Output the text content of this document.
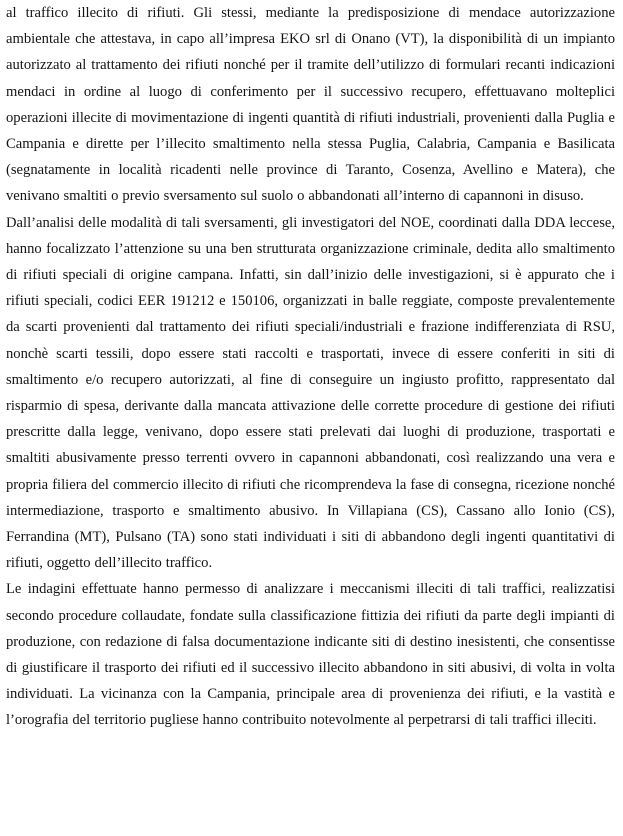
al traffico illecito di rifiuti. Gli stessi, mediante la predisposizione di mendace autorizzazione ambientale che attestava, in capo all’impresa EKO srl di Onano (VT), la disponibilità di un impianto autorizzato al trattamento dei rifiuti nonché per il tramite dell’utilizzo di formulari recanti indicazioni mendaci in ordine al luogo di conferimento per il successivo recupero, effettuavano molteplici operazioni illecite di movimentazione di ingenti quantità di rifiuti industriali, provenienti dalla Puglia e Campania e dirette per l’illecito smaltimento nella stessa Puglia, Calabria, Campania e Basilicata (segnatamente in località ricadenti nelle province di Taranto, Cosenza, Avellino e Matera), che venivano smaltiti o previo sversamento sul suolo o abbandonati all’interno di capannoni in disuso.

Dall’analisi delle modalità di tali sversamenti, gli investigatori del NOE, coordinati dalla DDA leccese, hanno focalizzato l’attenzione su una ben strutturata organizzazione criminale, dedita allo smaltimento di rifiuti speciali di origine campana. Infatti, sin dall’inizio delle investigazioni, si è appurato che i rifiuti speciali, codici EER 191212 e 150106, organizzati in balle reggiate, composte prevalentemente da scarti provenienti dal trattamento dei rifiuti speciali/industriali e frazione indifferenziata di RSU, nonchè scarti tessili, dopo essere stati raccolti e trasportati, invece di essere conferiti in siti di smaltimento e/o recupero autorizzati, al fine di conseguire un ingiusto profitto, rappresentato dal risparmio di spesa, derivante dalla mancata attivazione delle corrette procedure di gestione dei rifiuti prescritte dalla legge, venivano, dopo essere stati prelevati dai luoghi di produzione, trasportati e smaltiti abusivamente presso terrenti ovvero in capannoni abbandonati, così realizzando una vera e propria filiera del commercio illecito di rifiuti che ricomprendeva la fase di consegna, ricezione nonché intermediazione, trasporto e smaltimento abusivo. In Villapiana (CS), Cassano allo Ionio (CS), Ferrandina (MT), Pulsano (TA) sono stati individuati i siti di abbandono degli ingenti quantitativi di rifiuti, oggetto dell’illecito traffico.

Le indagini effettuate hanno permesso di analizzare i meccanismi illeciti di tali traffici, realizzatisi secondo procedure collaudate, fondate sulla classificazione fittizia dei rifiuti da parte degli impianti di produzione, con redazione di falsa documentazione indicante siti di destino inesistenti, che consentisse di giustificare il trasporto dei rifiuti ed il successivo illecito abbandono in siti abusivi, di volta in volta individuati. La vicinanza con la Campania, principale area di provenienza dei rifiuti, e la vastità e l’orografia del territorio pugliese hanno contribuito notevolmente al perpetrarsi di tali traffici illeciti.
